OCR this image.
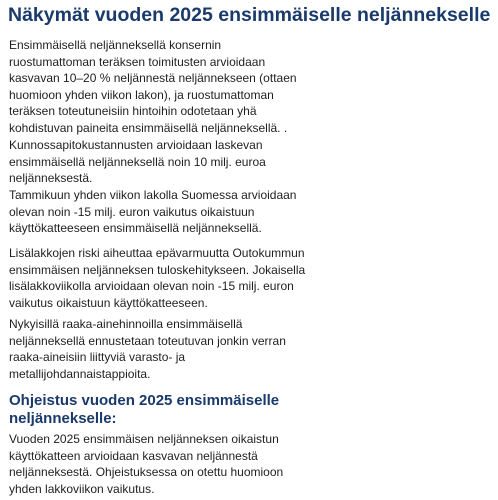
Näkymät vuoden 2025 ensimmäiselle neljännekselle

Ensimmäisellä neljänneksellä konsernin ruostumattoman teräksen toimitusten arvioidaan kasvavan 10–20 % neljännestä neljännekseen (ottaen huomioon yhden viikon lakon), ja ruostumattoman teräksen toteutuneisiin hintoihin odotetaan yhä kohdistuvan paineita ensimmäisellä neljänneksellä. .

Kunnossapitokustannusten arvioidaan laskevan ensimmäisellä neljänneksellä noin 10 milj. euroa neljänneksestä.

Tammikuun yhden viikon lakolla Suomessa arvioidaan olevan noin -15 milj. euron vaikutus oikaistuun käyttökatteeseen ensimmäisellä neljänneksellä.

Lisälakkojen riski aiheuttaa epävarmuutta Outokummun ensimmäisen neljänneksen tuloskehitykseen. Jokaisella lisälakkoviikolla arvioidaan olevan noin -15 milj. euron vaikutus oikaistuun käyttökatteeseen.

Nykyisillä raaka-ainehinnoilla ensimmäisellä neljänneksellä ennustetaan toteutuvan jonkin verran raaka-aineisiin liittyviä varasto- ja metallijohdannaistappioita.

Ohjeistus vuoden 2025 ensimmäiselle neljännekselle:

Vuoden 2025 ensimmäisen neljänneksen oikaistun käyttökatteen arvioidaan kasvavan neljännestä neljänneksestä. Ohjeistuksessa on otettu huomioon yhden lakkoviikon vaikutus.
